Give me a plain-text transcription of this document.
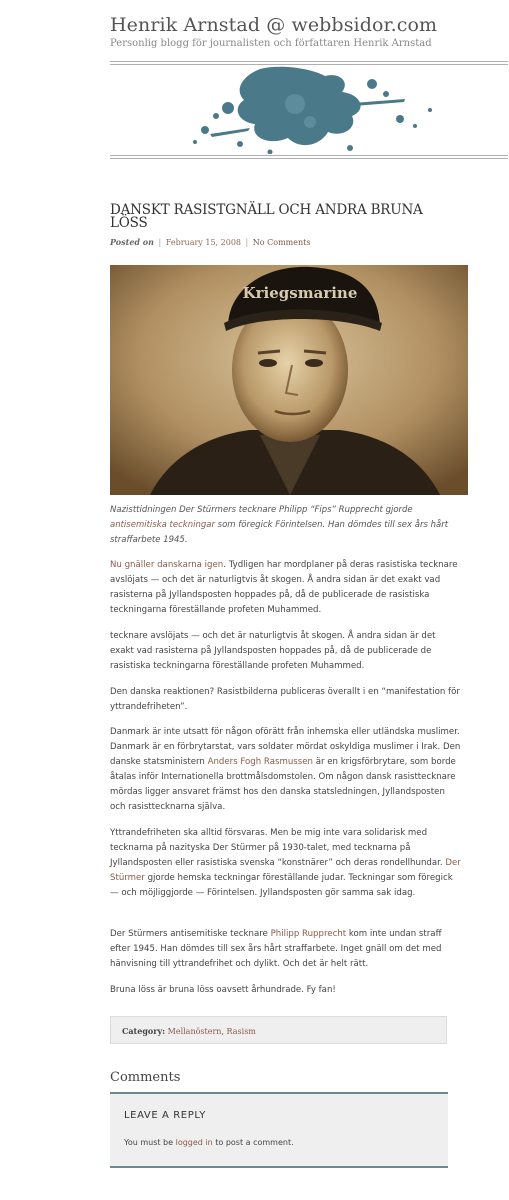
Henrik Arnstad @ webbsidor.com
Personlig blogg för journalisten och författaren Henrik Arnstad
DANSKT RASISTGNÄLL OCH ANDRA BRUNA LÖSS
Posted on | February 15, 2008 | No Comments
Kriegsmarine
Nazisttidningen Der Stürmers tecknare Philipp “Fips” Rupprecht gjorde antisemitiska teckningar som föregick Förintelsen. Han dömdes till sex års hårt straffarbete 1945.
Nu gnäller danskarna igen. Tydligen har mordplaner på deras rasistiska tecknare avslöjats — och det är naturligtvis åt skogen. Å andra sidan är det exakt vad rasisterna på Jyllandsposten hoppades på, då de publicerade de rasistiska teckningarna föreställande profeten Muhammed.
tecknare avslöjats — och det är naturligtvis åt skogen. Å andra sidan är det exakt vad rasisterna på Jyllandsposten hoppades på, då de publicerade de rasistiska teckningarna föreställande profeten Muhammed.
Den danska reaktionen? Rasistbilderna publiceras överallt i en “manifestation för yttrandefriheten”.
Danmark är inte utsatt för någon oförätt från inhemska eller utländska muslimer. Danmark är en förbrytarstat, vars soldater mördat oskyldiga muslimer i Irak. Den danske statsministern Anders Fogh Rasmussen är en krigsförbrytare, som borde åtalas inför Internationella brottmålsdomstolen. Om någon dansk rasisttecknare mördas ligger ansvaret främst hos den danska statsledningen, Jyllandsposten och rasisttecknarna själva.
Yttrandefriheten ska alltid försvaras. Men be mig inte vara solidarisk med tecknarna på nazityska Der Stürmer på 1930-talet, med tecknarna på Jyllandsposten eller rasistiska svenska “konstnärer” och deras rondellhundar. Der Stürmer gjorde hemska teckningar föreställande judar. Teckningar som föregick — och möjliggjorde — Förintelsen. Jyllandsposten gör samma sak idag.
Der Stürmers antisemitiske tecknare Philipp Rupprecht kom inte undan straff efter 1945. Han dömdes till sex års hårt straffarbete. Inget gnäll om det med hänvisning till yttrandefrihet och dylikt. Och det är helt rätt.
Bruna löss är bruna löss oavsett århundrade. Fy fan!
Category: Mellanöstern, Rasism
Comments
LEAVE A REPLY
You must be logged in to post a comment.
